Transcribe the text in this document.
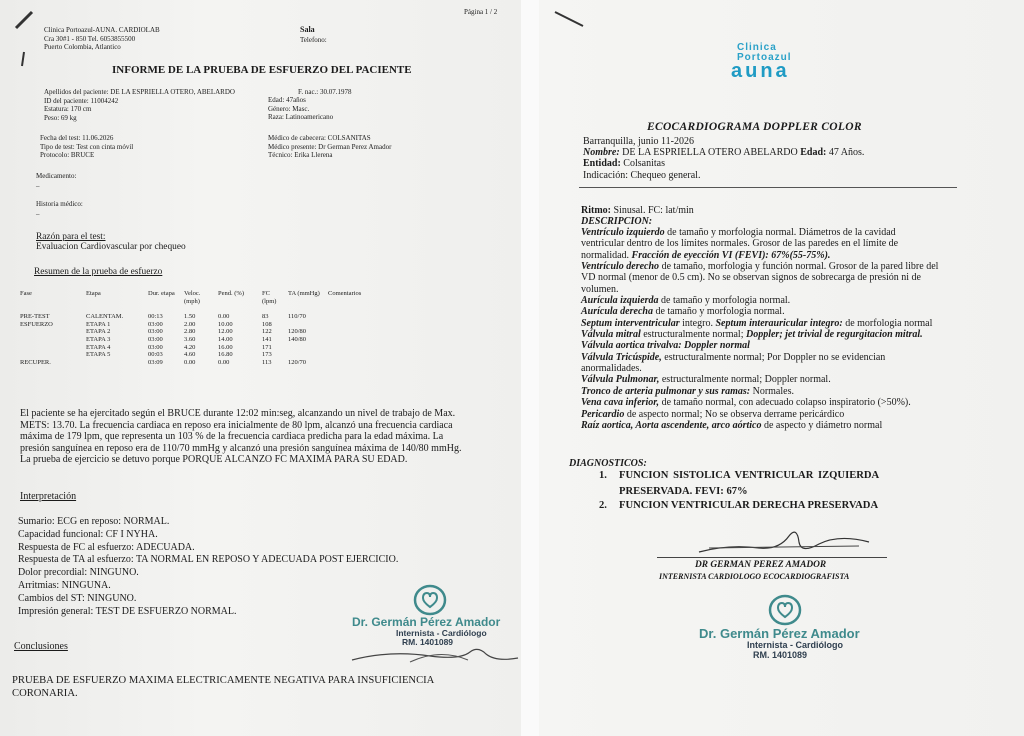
Página 1 / 2
Clinica Portoazul-AUNA. CARDIOLAB
Cra 30#1 - 850 Tel. 6053855500
Puerto Colombia, Atlantico
Sala
Telefono:
INFORME DE LA PRUEBA DE ESFUERZO DEL PACIENTE
Apellidos del paciente: DE LA ESPRIELLA OTERO, ABELARDO
ID del paciente: 11004242
Estatura: 170 cm
Peso: 69 kg
F. nac.: 30.07.1978
Edad: 47años
Género: Masc.
Raza: Latinoamericano
Fecha del test: 11.06.2026
Tipo de test: Test con cinta móvil
Protocolo: BRUCE
Médico de cabecera: COLSANITAS
Médico presente: Dr German Perez Amador
Técnico: Erika Llerena
Medicamento:
–
Historia médico:
–
Razón para el test:
Evaluacion Cardiovascular por chequeo
Resumen de la prueba de esfuerzo
Fase	Etapa	Dur. etapa	Veloc. (mph)	Pend. (%)	FC (lpm)	TA (mmHg)	Comentarios

PRE-TEST	CALENTAM.	00:13	1.50	0.00	83	110/70	
ESFUERZO	ETAPA 1	03:00	2.00	10.00	108		
	ETAPA 2	03:00	2.80	12.00	122	120/80	
	ETAPA 3	03:00	3.60	14.00	141	140/80	
	ETAPA 4	03:00	4.20	16.00	171		
	ETAPA 5	00:03	4.60	16.80	173		
RECUPER.		03:09	0.00	0.00	113	120/70	
El paciente se ha ejercitado según el BRUCE durante 12:02 min:seg, alcanzando un nivel de trabajo de Max.
METS: 13.70. La frecuencia cardiaca en reposo era inicialmente de 80 lpm, alcanzó una frecuencia cardiaca
máxima de 179 lpm, que representa un 103 % de la frecuencia cardiaca predicha para la edad máxima. La
presión sanguínea en reposo era de 110/70 mmHg y alcanzó una presión sanguínea máxima de 140/80 mmHg.
La prueba de ejercicio se detuvo porque PORQUE ALCANZO FC MAXIMA PARA SU EDAD.
Interpretación
Sumario: ECG en reposo: NORMAL.
Capacidad funcional: CF I NYHA.
Respuesta de FC al esfuerzo: ADECUADA.
Respuesta de TA al esfuerzo: TA NORMAL EN REPOSO Y ADECUADA POST EJERCICIO.
Dolor precordial: NINGUNO.
Arritmias: NINGUNA.
Cambios del ST: NINGUNO.
Impresión general: TEST DE ESFUERZO NORMAL.
Dr. Germán Pérez Amador
Internista - Cardiólogo
RM. 1401089
Conclusiones
PRUEBA DE ESFUERZO MAXIMA ELECTRICAMENTE NEGATIVA PARA INSUFICIENCIA
CORONARIA.
Clinica
Portoazul
auna
ECOCARDIOGRAMA DOPPLER COLOR
Barranquilla, junio 11-2026
Nombre: DE LA ESPRIELLA OTERO ABELARDO Edad: 47 Años.
Entidad: Colsanitas
Indicación: Chequeo general.
Ritmo: Sinusal. FC: lat/min
DESCRIPCION:
Ventrículo izquierdo de tamaño y morfologia normal. Diámetros de la cavidad
ventricular dentro de los límites normales. Grosor de las paredes en el límite de
normalidad. Fracción de eyección VI (FEVI): 67%(55-75%).
Ventrículo derecho de tamaño, morfologia y función normal. Grosor de la pared libre del
VD normal (menor de 0.5 cm). No se observan signos de sobrecarga de presión ni de
volumen.
Aurícula izquierda de tamaño y morfologia normal.
Aurícula derecha de tamaño y morfologia normal.
Septum interventricular integro. Septum interauricular integro: de morfologia normal
Válvula mitral estructuralmente normal; Doppler; jet trivial de regurgitacion mitral.
Válvula aortica trivalva: Doppler normal
Válvula Tricúspide, estructuralmente normal; Por Doppler no se evidencian
anormalidades.
Válvula Pulmonar, estructuralmente normal; Doppler normal.
Tronco de arteria pulmonar y sus ramas: Normales.
Vena cava inferior, de tamaño normal, con adecuado colapso inspiratorio (>50%).
Pericardio de aspecto normal; No se observa derrame pericárdico
Raíz aortica, Aorta ascendente, arco aórtico de aspecto y diámetro normal
DIAGNOSTICOS:
1. FUNCION SISTOLICA VENTRICULAR IZQUIERDA
PRESERVADA. FEVI: 67%
2. FUNCION VENTRICULAR DERECHA PRESERVADA
DR GERMAN PEREZ AMADOR
INTERNISTA CARDIOLOGO ECOCARDIOGRAFISTA
Dr. Germán Pérez Amador
Internista - Cardiólogo
RM. 1401089
